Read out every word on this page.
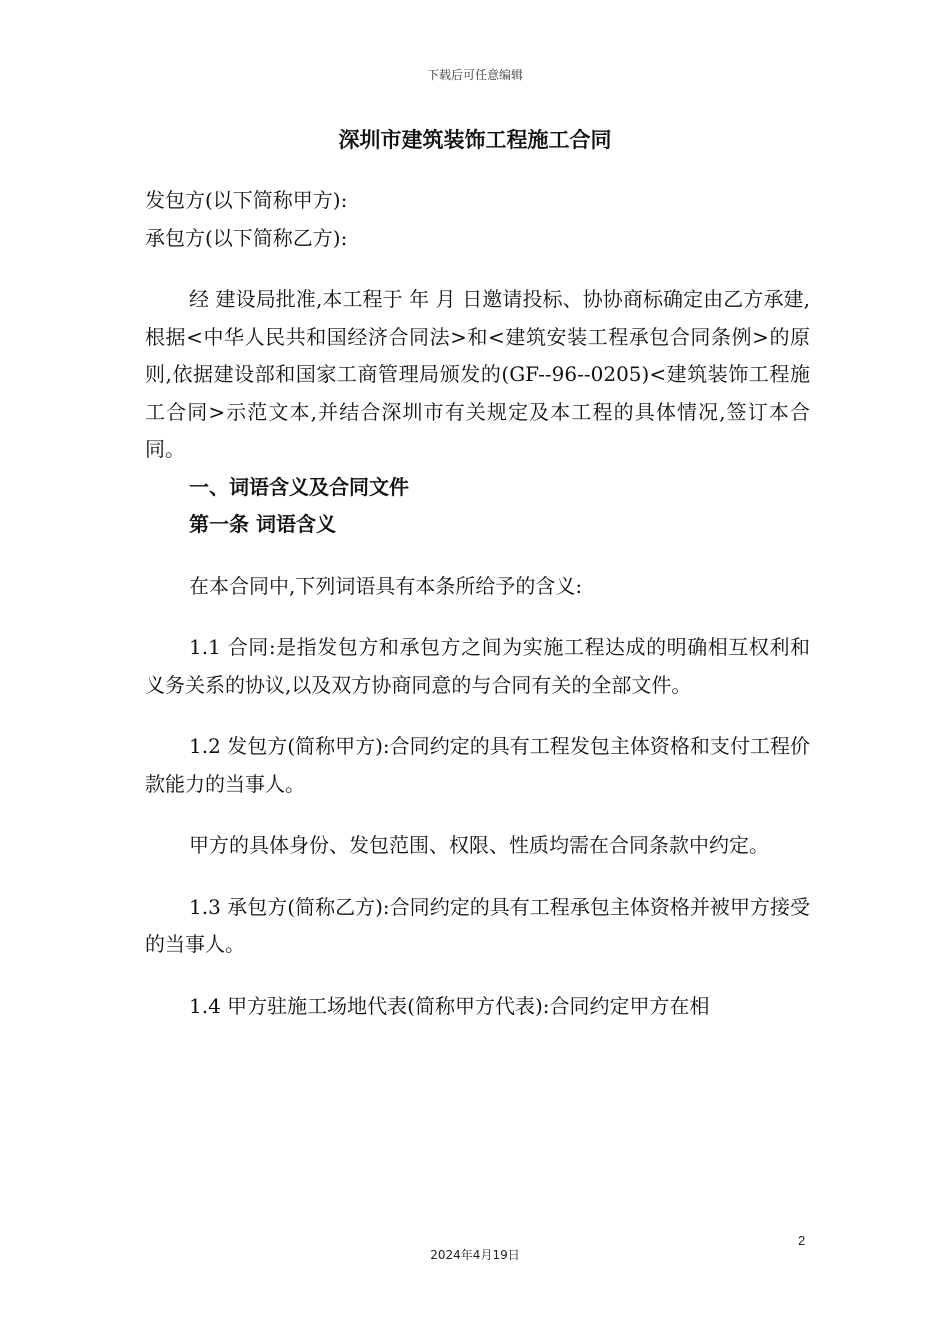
下载后可任意编辑
深圳市建筑装饰工程施工合同

发包方(以下简称甲方):

承包方(以下简称乙方):

经 建设局批准,本工程于 年 月 日邀请投标、协协商标确定由乙方承建,根据<中华人民共和国经济合同法>和<建筑安装工程承包合同条例>的原则,依据建设部和国家工商管理局颁发的(GF--96--0205)<建筑装饰工程施工合同>示范文本,并结合深圳市有关规定及本工程的具体情况,签订本合同。

一、词语含义及合同文件

第一条 词语含义

在本合同中,下列词语具有本条所给予的含义:

1.1 合同:是指发包方和承包方之间为实施工程达成的明确相互权利和义务关系的协议,以及双方协商同意的与合同有关的全部文件。

1.2 发包方(简称甲方):合同约定的具有工程发包主体资格和支付工程价款能力的当事人。

甲方的具体身份、发包范围、权限、性质均需在合同条款中约定。

1.3 承包方(简称乙方):合同约定的具有工程承包主体资格并被甲方接受的当事人。

1.4 甲方驻施工场地代表(简称甲方代表):合同约定甲方在相

2
2024年4月19日
